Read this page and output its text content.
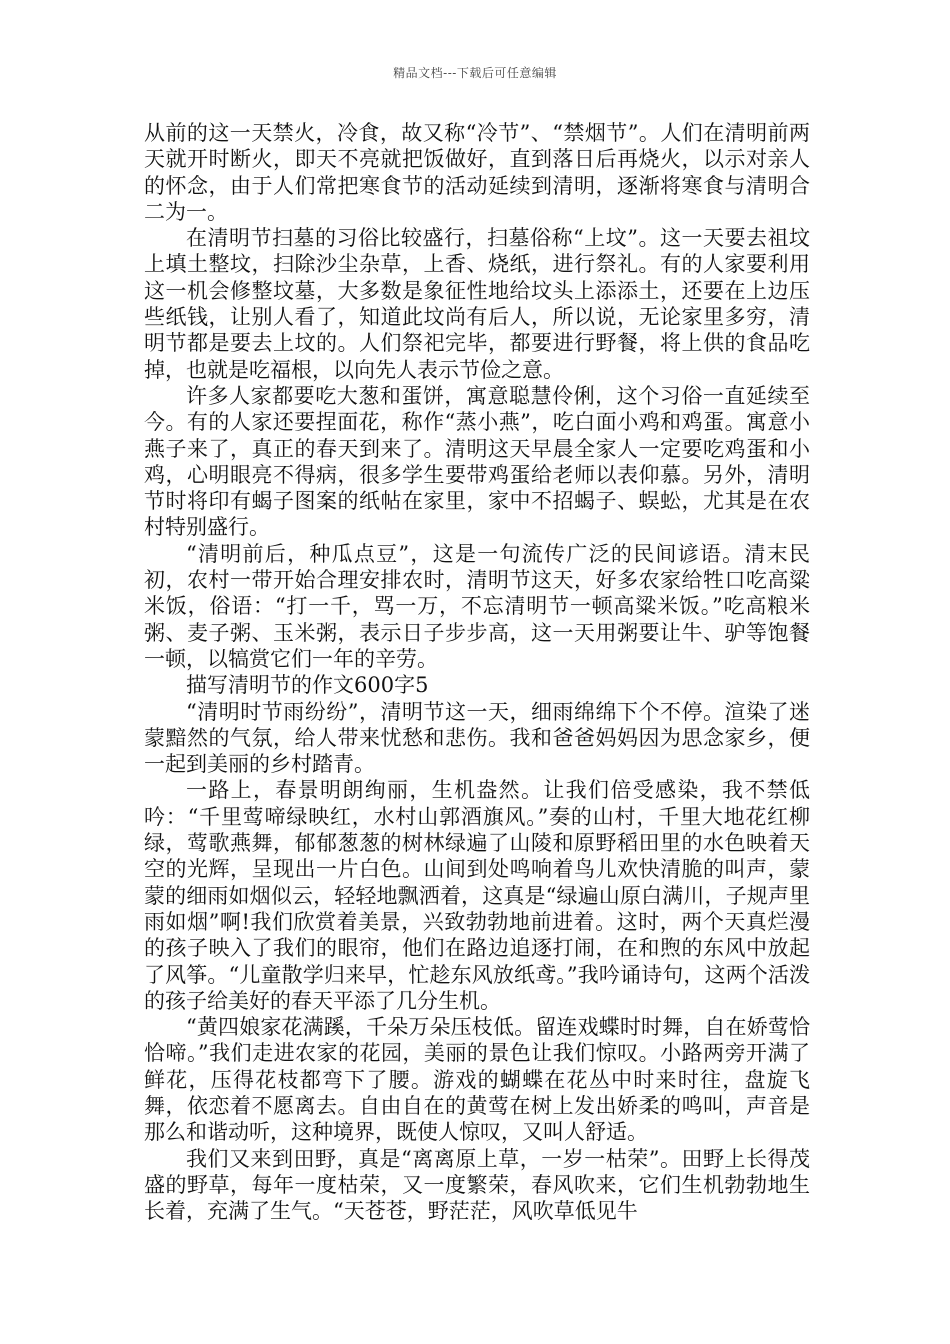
精品文档---下载后可任意编辑

从前的这一天禁火，冷食，故又称“冷节”、“禁烟节”。人们在清明前两天就开时断火，即天不亮就把饭做好，直到落日后再烧火，以示对亲人的怀念，由于人们常把寒食节的活动延续到清明，逐渐将寒食与清明合二为一。

在清明节扫墓的习俗比较盛行，扫墓俗称“上坟”。这一天要去祖坟上填土整坟，扫除沙尘杂草，上香、烧纸，进行祭礼。有的人家要利用这一机会修整坟墓，大多数是象征性地给坟头上添添土，还要在上边压些纸钱，让别人看了，知道此坟尚有后人，所以说，无论家里多穷，清明节都是要去上坟的。人们祭祀完毕，都要进行野餐，将上供的食品吃掉，也就是吃福根，以向先人表示节俭之意。

许多人家都要吃大葱和蛋饼，寓意聪慧伶俐，这个习俗一直延续至今。有的人家还要捏面花，称作“蒸小燕”，吃白面小鸡和鸡蛋。寓意小燕子来了，真正的春天到来了。清明这天早晨全家人一定要吃鸡蛋和小鸡，心明眼亮不得病，很多学生要带鸡蛋给老师以表仰慕。另外，清明节时将印有蝎子图案的纸帖在家里，家中不招蝎子、蜈蚣，尤其是在农村特别盛行。

“清明前后，种瓜点豆”，这是一句流传广泛的民间谚语。清末民初，农村一带开始合理安排农时，清明节这天，好多农家给牲口吃高粱米饭，俗语：“打一千，骂一万，不忘清明节一顿高粱米饭。”吃高粮米粥、麦子粥、玉米粥，表示日子步步高，这一天用粥要让牛、驴等饱餐一顿，以犒赏它们一年的辛劳。

描写清明节的作文600字5

“清明时节雨纷纷”，清明节这一天，细雨绵绵下个不停。渲染了迷蒙黯然的气氛，给人带来忧愁和悲伤。我和爸爸妈妈因为思念家乡，便一起到美丽的乡村踏青。

一路上，春景明朗绚丽，生机盎然。让我们倍受感染，我不禁低吟：“千里莺啼绿映红，水村山郭酒旗风。”奏的山村，千里大地花红柳绿，莺歌燕舞，郁郁葱葱的树林绿遍了山陵和原野稻田里的水色映着天空的光辉，呈现出一片白色。山间到处鸣响着鸟儿欢快清脆的叫声，蒙蒙的细雨如烟似云，轻轻地飘洒着，这真是“绿遍山原白满川，子规声里雨如烟”啊!我们欣赏着美景，兴致勃勃地前进着。这时，两个天真烂漫的孩子映入了我们的眼帘，他们在路边追逐打闹，在和煦的东风中放起了风筝。“儿童散学归来早，忙趁东风放纸鸢。”我吟诵诗句，这两个活泼的孩子给美好的春天平添了几分生机。

“黄四娘家花满蹊，千朵万朵压枝低。留连戏蝶时时舞，自在娇莺恰恰啼。”我们走进农家的花园，美丽的景色让我们惊叹。小路两旁开满了鲜花，压得花枝都弯下了腰。游戏的蝴蝶在花丛中时来时往，盘旋飞舞，依恋着不愿离去。自由自在的黄莺在树上发出娇柔的鸣叫，声音是那么和谐动听，这种境界，既使人惊叹，又叫人舒适。

我们又来到田野，真是“离离原上草，一岁一枯荣”。田野上长得茂盛的野草，每年一度枯荣，又一度繁荣，春风吹来，它们生机勃勃地生长着，充满了生气。“天苍苍，野茫茫，风吹草低见牛
